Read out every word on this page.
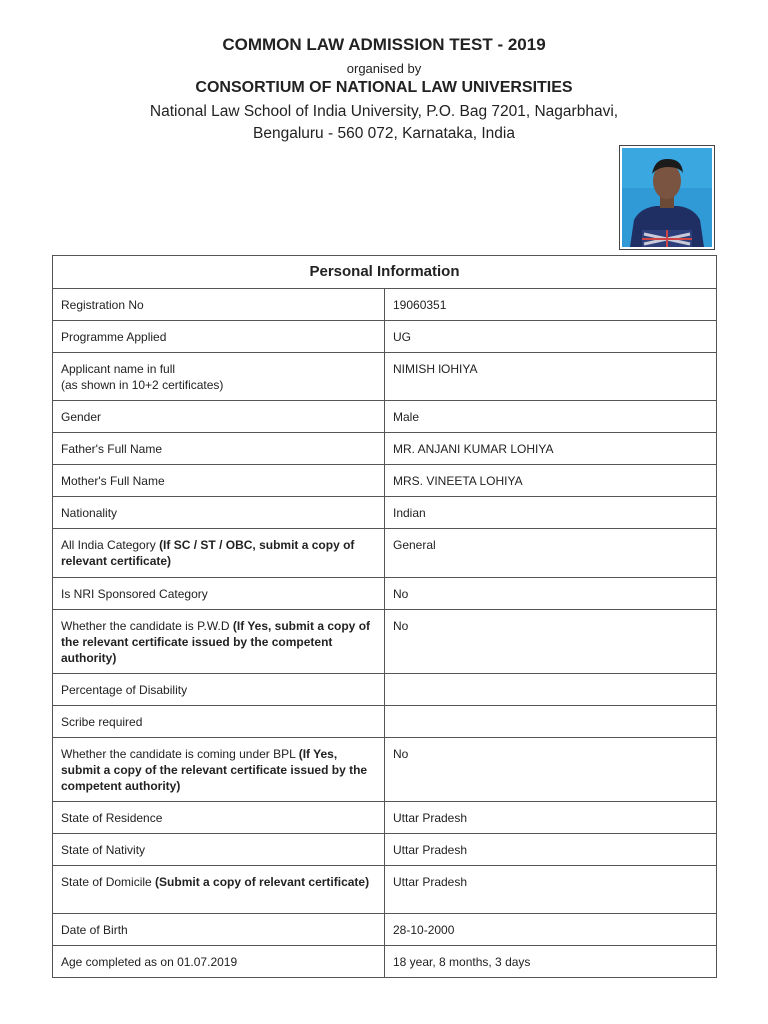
COMMON LAW ADMISSION TEST - 2019
organised by
CONSORTIUM OF NATIONAL LAW UNIVERSITIES
National Law School of India University, P.O. Bag 7201, Nagarbhavi,
Bengaluru - 560 072, Karnataka, India
Personal Information	
Registration No	19060351
Programme Applied	UG
Applicant name in full
(as shown in 10+2 certificates)	NIMISH lOHIYA
Gender	Male
Father's Full Name	MR. ANJANI KUMAR LOHIYA
Mother's Full Name	MRS. VINEETA LOHIYA
Nationality	Indian
All India Category (If SC / ST / OBC, submit a copy of relevant certificate)	General
Is NRI Sponsored Category	No
Whether the candidate is P.W.D (If Yes, submit a copy of the relevant certificate issued by the competent authority)	No
Percentage of Disability	
Scribe required	
Whether the candidate is coming under BPL (If Yes, submit a copy of the relevant certificate issued by the competent authority)	No
State of Residence	Uttar Pradesh
State of Nativity	Uttar Pradesh
State of Domicile (Submit a copy of relevant certificate)	Uttar Pradesh
Date of Birth	28-10-2000
Age completed as on 01.07.2019	18 year, 8 months, 3 days
